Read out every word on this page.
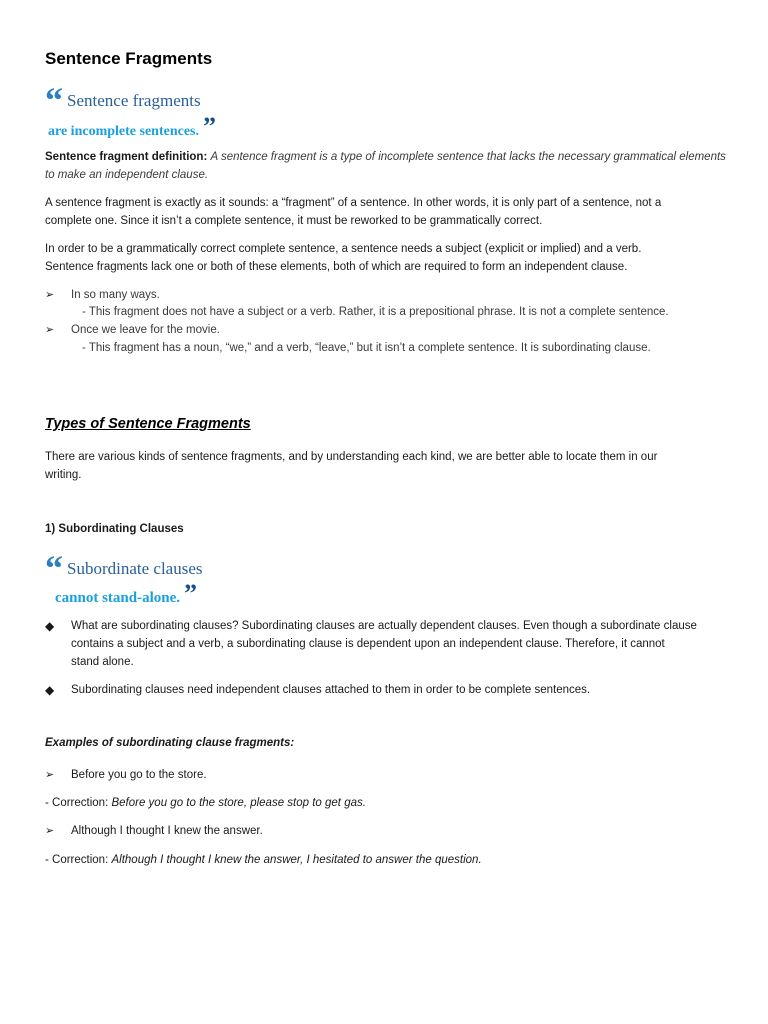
Sentence Fragments
“ Sentence fragments
are incomplete sentences. ”
Sentence fragment definition: A sentence fragment is a type of incomplete sentence that lacks the necessary grammatical elements
to make an independent clause.
A sentence fragment is exactly as it sounds: a “fragment” of a sentence. In other words, it is only part of a sentence, not a
complete one. Since it isn’t a complete sentence, it must be reworked to be grammatically correct.
In order to be a grammatically correct complete sentence, a sentence needs a subject (explicit or implied) and a verb.
Sentence fragments lack one or both of these elements, both of which are required to form an independent clause.
➢ In so many ways.
- This fragment does not have a subject or a verb. Rather, it is a prepositional phrase. It is not a complete sentence.
➢ Once we leave for the movie.
- This fragment has a noun, “we,” and a verb, “leave,” but it isn’t a complete sentence. It is subordinating clause.
Types of Sentence Fragments
There are various kinds of sentence fragments, and by understanding each kind, we are better able to locate them in our
writing.
1) Subordinating Clauses
“ Subordinate clauses
cannot stand-alone. ”
◆ What are subordinating clauses? Subordinating clauses are actually dependent clauses. Even though a subordinate clause
contains a subject and a verb, a subordinating clause is dependent upon an independent clause. Therefore, it cannot
stand alone.
◆ Subordinating clauses need independent clauses attached to them in order to be complete sentences.
Examples of subordinating clause fragments:
➢ Before you go to the store.
- Correction: Before you go to the store, please stop to get gas.
➢ Although I thought I knew the answer.
- Correction: Although I thought I knew the answer, I hesitated to answer the question.
